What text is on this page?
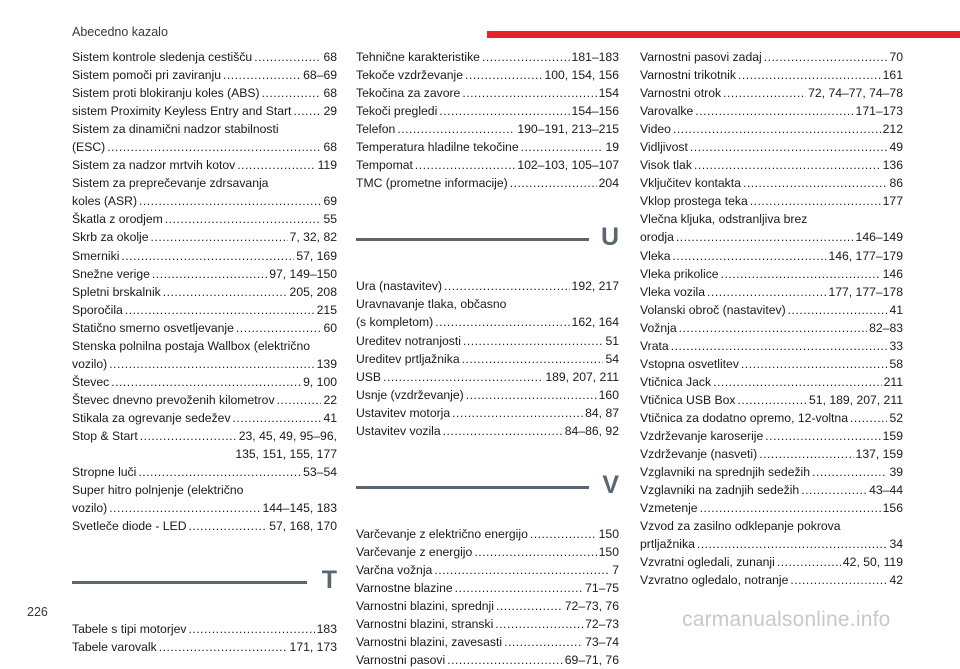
Abecedno kazalo
Sistem kontrole sledenja cestišču .....	68
Sistem pomoči pri zaviranju .....	68–69
Sistem proti blokiranju koles (ABS) .....	68
sistem Proximity Keyless Entry and Start .....	29
Sistem za dinamični nadzor stabilnosti
(ESC) .....	68
Sistem za nadzor mrtvih kotov .....	119
Sistem za preprečevanje zdrsavanja
koles (ASR) .....	69
Škatla z orodjem .....	55
Skrb za okolje .....	7, 32, 82
Smerniki .....	57, 169
Snežne verige .....	97, 149–150
Spletni brskalnik .....	205, 208
Sporočila .....	215
Statično smerno osvetljevanje .....	60
Stenska polnilna postaja Wallbox (električno
vozilo) .....	139
Števec .....	9, 100
Števec dnevno prevoženih kilometrov .....	22
Stikala za ogrevanje sedežev .....	41
Stop & Start .....	23, 45, 49, 95–96,
135, 151, 155, 177
Stropne luči .....	53–54
Super hitro polnjenje (električno
vozilo) .....	144–145, 183
Svetleče diode - LED .....	57, 168, 170
T
Tabele s tipi motorjev .....	183
Tabele varovalk .....	171, 173
Tehnične karakteristike .....	181–183
Tekoče vzdrževanje .....	100, 154, 156
Tekočina za zavore .....	154
Tekoči pregledi .....	154–156
Telefon .....	190–191, 213–215
Temperatura hladilne tekočine .....	19
Tempomat .....	102–103, 105–107
TMC (prometne informacije) .....	204
U
Ura (nastavitev) .....	192, 217
Uravnavanje tlaka, občasno
(s kompletom) .....	162, 164
Ureditev notranjosti .....	51
Ureditev prtljažnika .....	54
USB .....	189, 207, 211
Usnje (vzdrževanje) .....	160
Ustavitev motorja .....	84, 87
Ustavitev vozila .....	84–86, 92
V
Varčevanje z električno energijo .....	150
Varčevanje z energijo .....	150
Varčna vožnja .....	7
Varnostne blazine .....	71–75
Varnostni blazini, sprednji .....	72–73, 76
Varnostni blazini, stranski .....	72–73
Varnostni blazini, zavesasti .....	73–74
Varnostni pasovi .....	69–71, 76
Varnostni pasovi zadaj .....	70
Varnostni trikotnik .....	161
Varnostni otrok .....	72, 74–77, 74–78
Varovalke .....	171–173
Video .....	212
Vidljivost .....	49
Visok tlak .....	136
Vključitev kontakta .....	86
Vklop prostega teka .....	177
Vlečna kljuka, odstranljiva brez
orodja .....	146–149
Vleka .....	146, 177–179
Vleka prikolice .....	146
Vleka vozila .....	177, 177–178
Volanski obroč (nastavitev) .....	41
Vožnja .....	82–83
Vrata .....	33
Vstopna osvetlitev .....	58
Vtičnica Jack .....	211
Vtičnica USB Box .....	51, 189, 207, 211
Vtičnica za dodatno opremo, 12-voltna .....	52
Vzdrževanje karoserije .....	159
Vzdrževanje (nasveti) .....	137, 159
Vzglavniki na sprednjih sedežih .....	39
Vzglavniki na zadnjih sedežih .....	43–44
Vzmetenje .....	156
Vzvod za zasilno odklepanje pokrova
prtljažnika .....	34
Vzvratni ogledali, zunanji .....	42, 50, 119
Vzvratno ogledalo, notranje .....	42
226	carmanualsonline.info
